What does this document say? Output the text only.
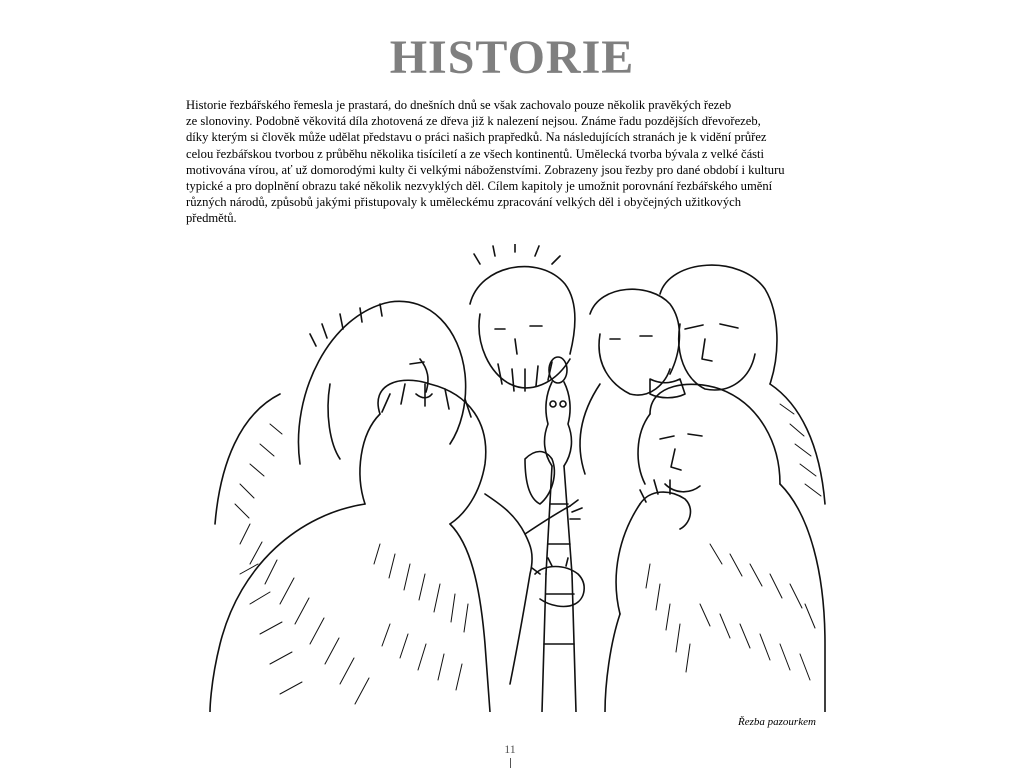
HISTORIE
Historie řezbářského řemesla je prastará, do dnešních dnů se však zachovalo pouze několik pravěkých řezeb
ze slonoviny. Podobně věkovitá díla zhotovená ze dřeva již k nalezení nejsou. Známe řadu pozdějších dřevořezeb,
díky kterým si člověk může udělat představu o práci našich prapředků. Na následujících stranách je k vidění průřez
celou řezbářskou tvorbou z průběhu několika tisíciletí a ze všech kontinentů. Umělecká tvorba bývala z velké části
motivována vírou, ať už domorodými kulty či velkými náboženstvími. Zobrazeny jsou řezby pro dané období i kulturu
typické a pro doplnění obrazu také několik nezvyklých děl. Cílem kapitoly je umožnit porovnání řezbářského umění
různých národů, způsobů jakými přistupovaly k uměleckému zpracování velkých děl i obyčejných užitkových
předmětů.
Řezba pazourkem
11
